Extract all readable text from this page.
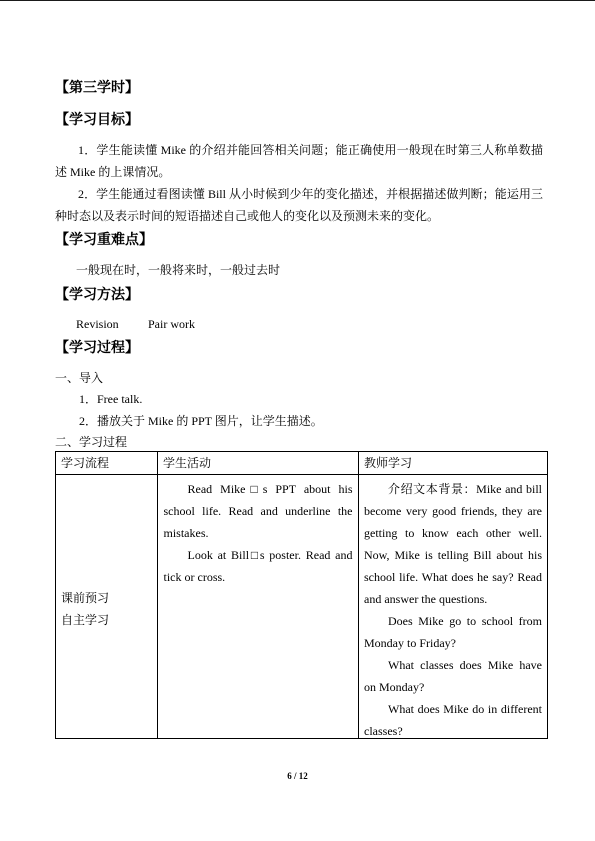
【第三学时】
【学习目标】

1．学生能读懂 Mike 的介绍并能回答相关问题；能正确使用一般现在时第三人称单数描述 Mike 的上课情况。

2．学生能通过看图读懂 Bill 从小时候到少年的变化描述，并根据描述做判断；能运用三种时态以及表示时间的短语描述自己或他人的变化以及预测未来的变化。

【学习重难点】
一般现在时，一般将来时，一般过去时
【学习方法】
Revision Pair work
【学习过程】
一、导入
1．Free talk.
2．播放关于 Mike 的 PPT 图片，让学生描述。
二、学习过程
学习流程	学生活动	教师学习
课前预习
自主学习

Read Mike□s PPT about his school life. Read and underline the mistakes.

Look at Bill□s poster. Read and tick or cross.

介绍文本背景：Mike and bill become very good friends, they are getting to know each other well. Now, Mike is telling Bill about his school life. What does he say? Read and answer the questions.

Does Mike go to school from Monday to Friday?

What classes does Mike have on Monday?

What does Mike do in different classes?

6 / 12
